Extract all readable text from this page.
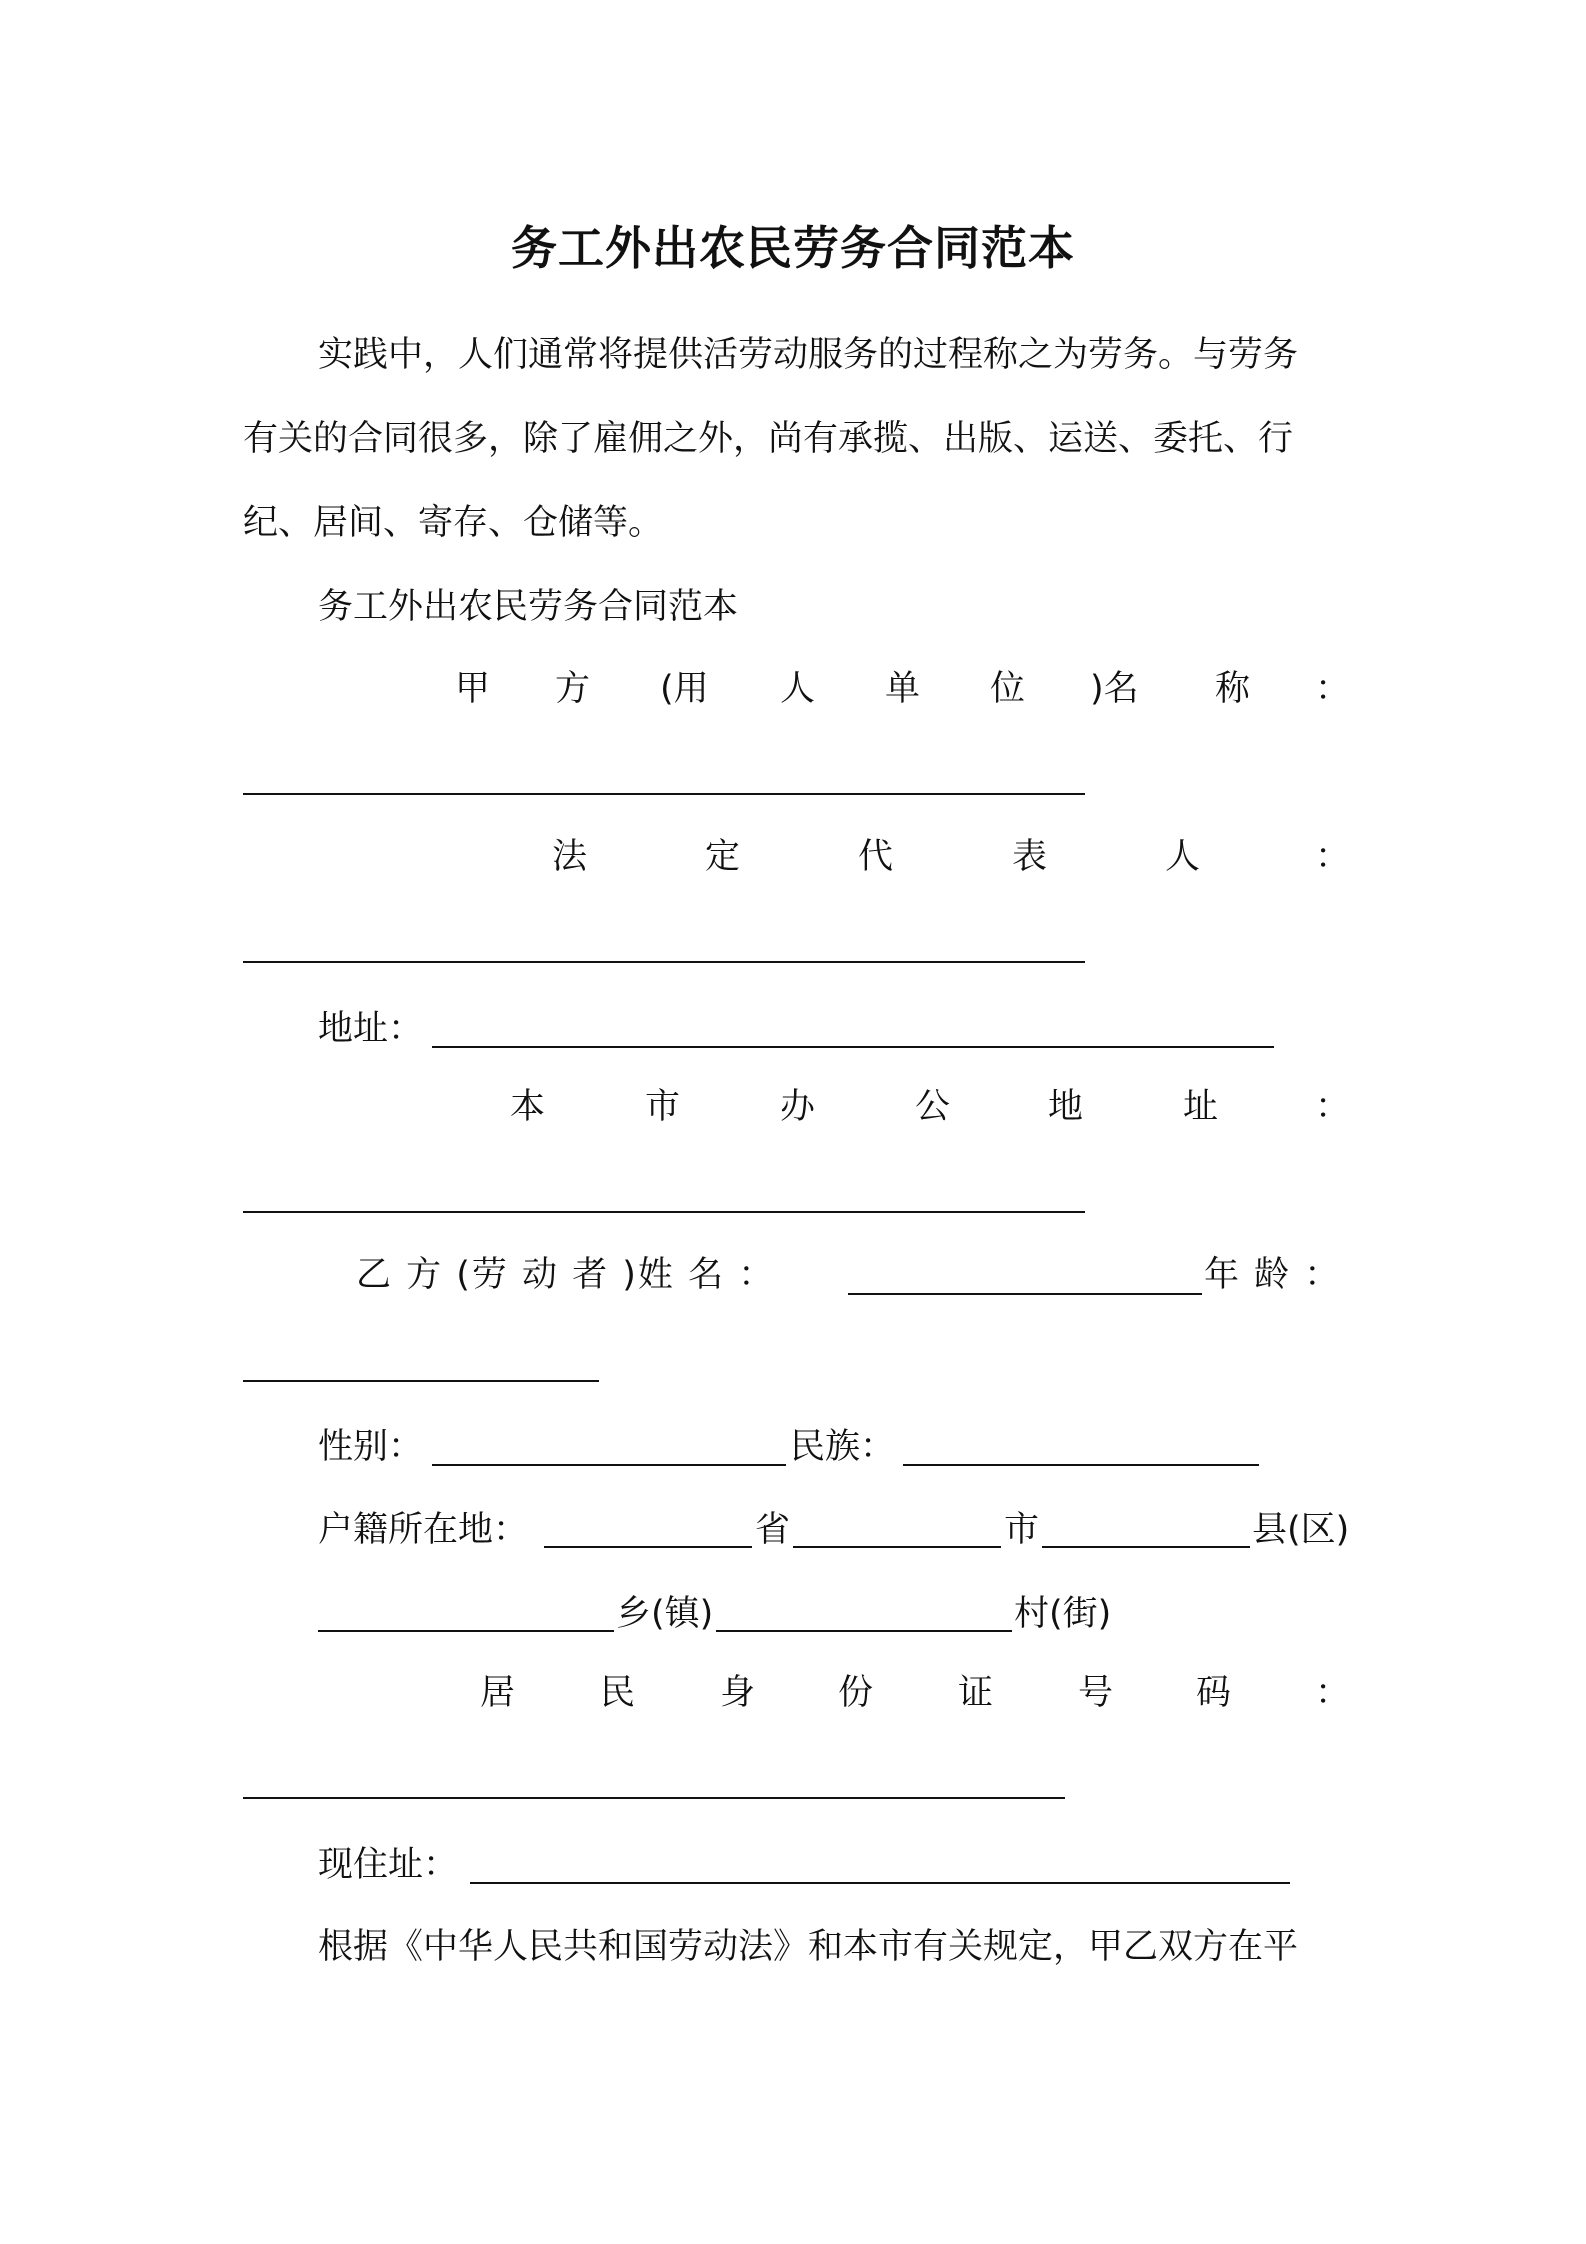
务工外出农民劳务合同范本
实践中，人们通常将提供活劳动服务的过程称之为劳务。与劳务
有关的合同很多，除了雇佣之外，尚有承揽、出版、运送、委托、行
纪、居间、寄存、仓储等。
务工外出农民劳务合同范本
甲 方 (用 人 单 位 )名 称 ：
法	定	代	表	人	：
地址：
本	市	办	公	地	址	：
乙 方 (劳 动 者 )姓 名 ：	年 龄 ：
性别：	民族：
户籍所在地：	省	市	县(区)
乡(镇)	村(街)
居 民 身 份 证 号 码 ：
现住址：
根据《中华人民共和国劳动法》和本市有关规定，甲乙双方在平
